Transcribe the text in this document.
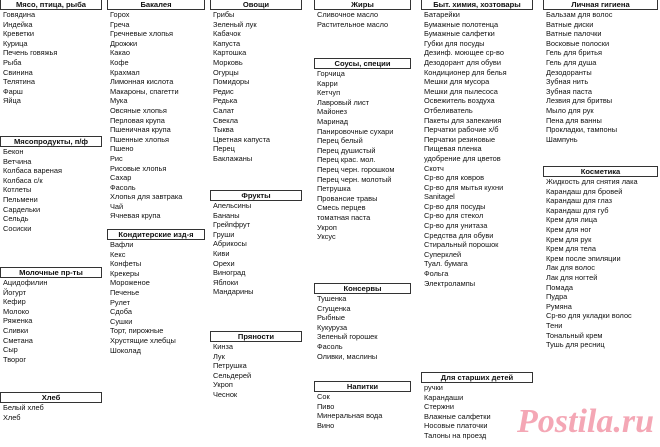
Мясо, птица, рыба
Говядина
Индейка
Креветки
Курица
Печень говяжья
Рыба
Свинина
Телятина
Фарш
Яйца
Мясопродукты, п/ф
Бекон
Ветчина
Колбаса вареная
Колбаса с/к
Котлеты
Пельмени
Сардельки
Сельдь
Сосиски
Молочные пр-ты
Ацидофилин
Йогурт
Кефир
Молоко
Ряженка
Сливки
Сметана
Сыр
Творог
Хлеб
Белый хлеб
Хлеб
Бакалея
Горох
Греча
Гречневые хлопья
Дрожжи
Какао
Кофе
Крахмал
Лимонная кислота
Макароны, спагетти
Мука
Овсяные хлопья
Перловая крупа
Пшеничная крупа
Пшенные хлопья
Пшено
Рис
Рисовые хлопья
Сахар
Фасоль
Хлопья для завтрака
Чай
Ячневая крупа
Кондитерские изд-я
Вафли
Кекс
Конфеты
Крекеры
Мороженое
Печенье
Рулет
Сдоба
Сушки
Торт, пирожные
Хрустящие хлебцы
Шоколад
Овощи
Грибы
Зеленый лук
Кабачок
Капуста
Картошка
Морковь
Огурцы
Помидоры
Редис
Редька
Салат
Свекла
Тыква
Цветная капуста
Перец
Баклажаны
Фрукты
Апельсины
Бананы
Грейпфрут
Груши
Абрикосы
Киви
Орехи
Виноград
Яблоки
Мандарины
Пряности
Кинза
Лук
Петрушка
Сельдерей
Укроп
Чеснок
Жиры
Сливочное масло
Растительное масло
Соусы, специи
Горчица
Карри
Кетчуп
Лавровый лист
Майонез
Маринад
Панировочные сухари
Перец белый
Перец душистый
Перец крас. мол.
Перец черн. горошком
Перец черн. молотый
Петрушка
Провансие травы
Смесь перцев
томатная паста
Укроп
Уксус
Консервы
Тушенка
Сгущенка
Рыбные
Кукуруза
Зеленый горошек
Фасоль
Оливки, маслины
Напитки
Сок
Пиво
Минеральная вода
Вино
Быт. химия, хозтовары
Батарейки
Бумажные полотенца
Бумажные салфетки
Губки для посуды
Дезинф. моющее ср-во
Дезодорант для обуви
Кондиционер для белья
Мешки для мусора
Мешки для пылесоса
Освежитель воздуха
Отбеливатель
Пакеты для запекания
Перчатки рабочие х/б
Перчатки резиновые
Пищевая пленка
удобрение для цветов
Скотч
Ср-во для ковров
Ср-во для мытья кухни
Sanitagel
Ср-во для посуды
Ср-во для стекол
Ср-во для унитаза
Средства для обуви
Стиральный порошок
Суперклей
Туал. бумага
Фольга
Электролампы
Для старших детей
ручки
Карандаши
Стержни
Влажные салфетки
Носовые платочки
Талоны на проезд
Личная гигиена
Бальзам для волос
Ватные диски
Ватные палочки
Восковые полоски
Гель для бритья
Гель для душа
Дезодоранты
Зубная нить
Зубная паста
Лезвия для бритвы
Мыло для рук
Пена для ванны
Прокладки, тампоны
Шампунь
Косметика
Жидкость для снятия лака
Карандаш для бровей
Карандаш для глаз
Карандаш для губ
Крем для лица
Крем для ног
Крем для рук
Крем для тела
Крем после эпиляции
Лак для волос
Лак для ногтей
Помада
Пудра
Румяна
Ср-во для укладки волос
Тени
Тональный крем
Тушь для ресниц
Postila.ru
